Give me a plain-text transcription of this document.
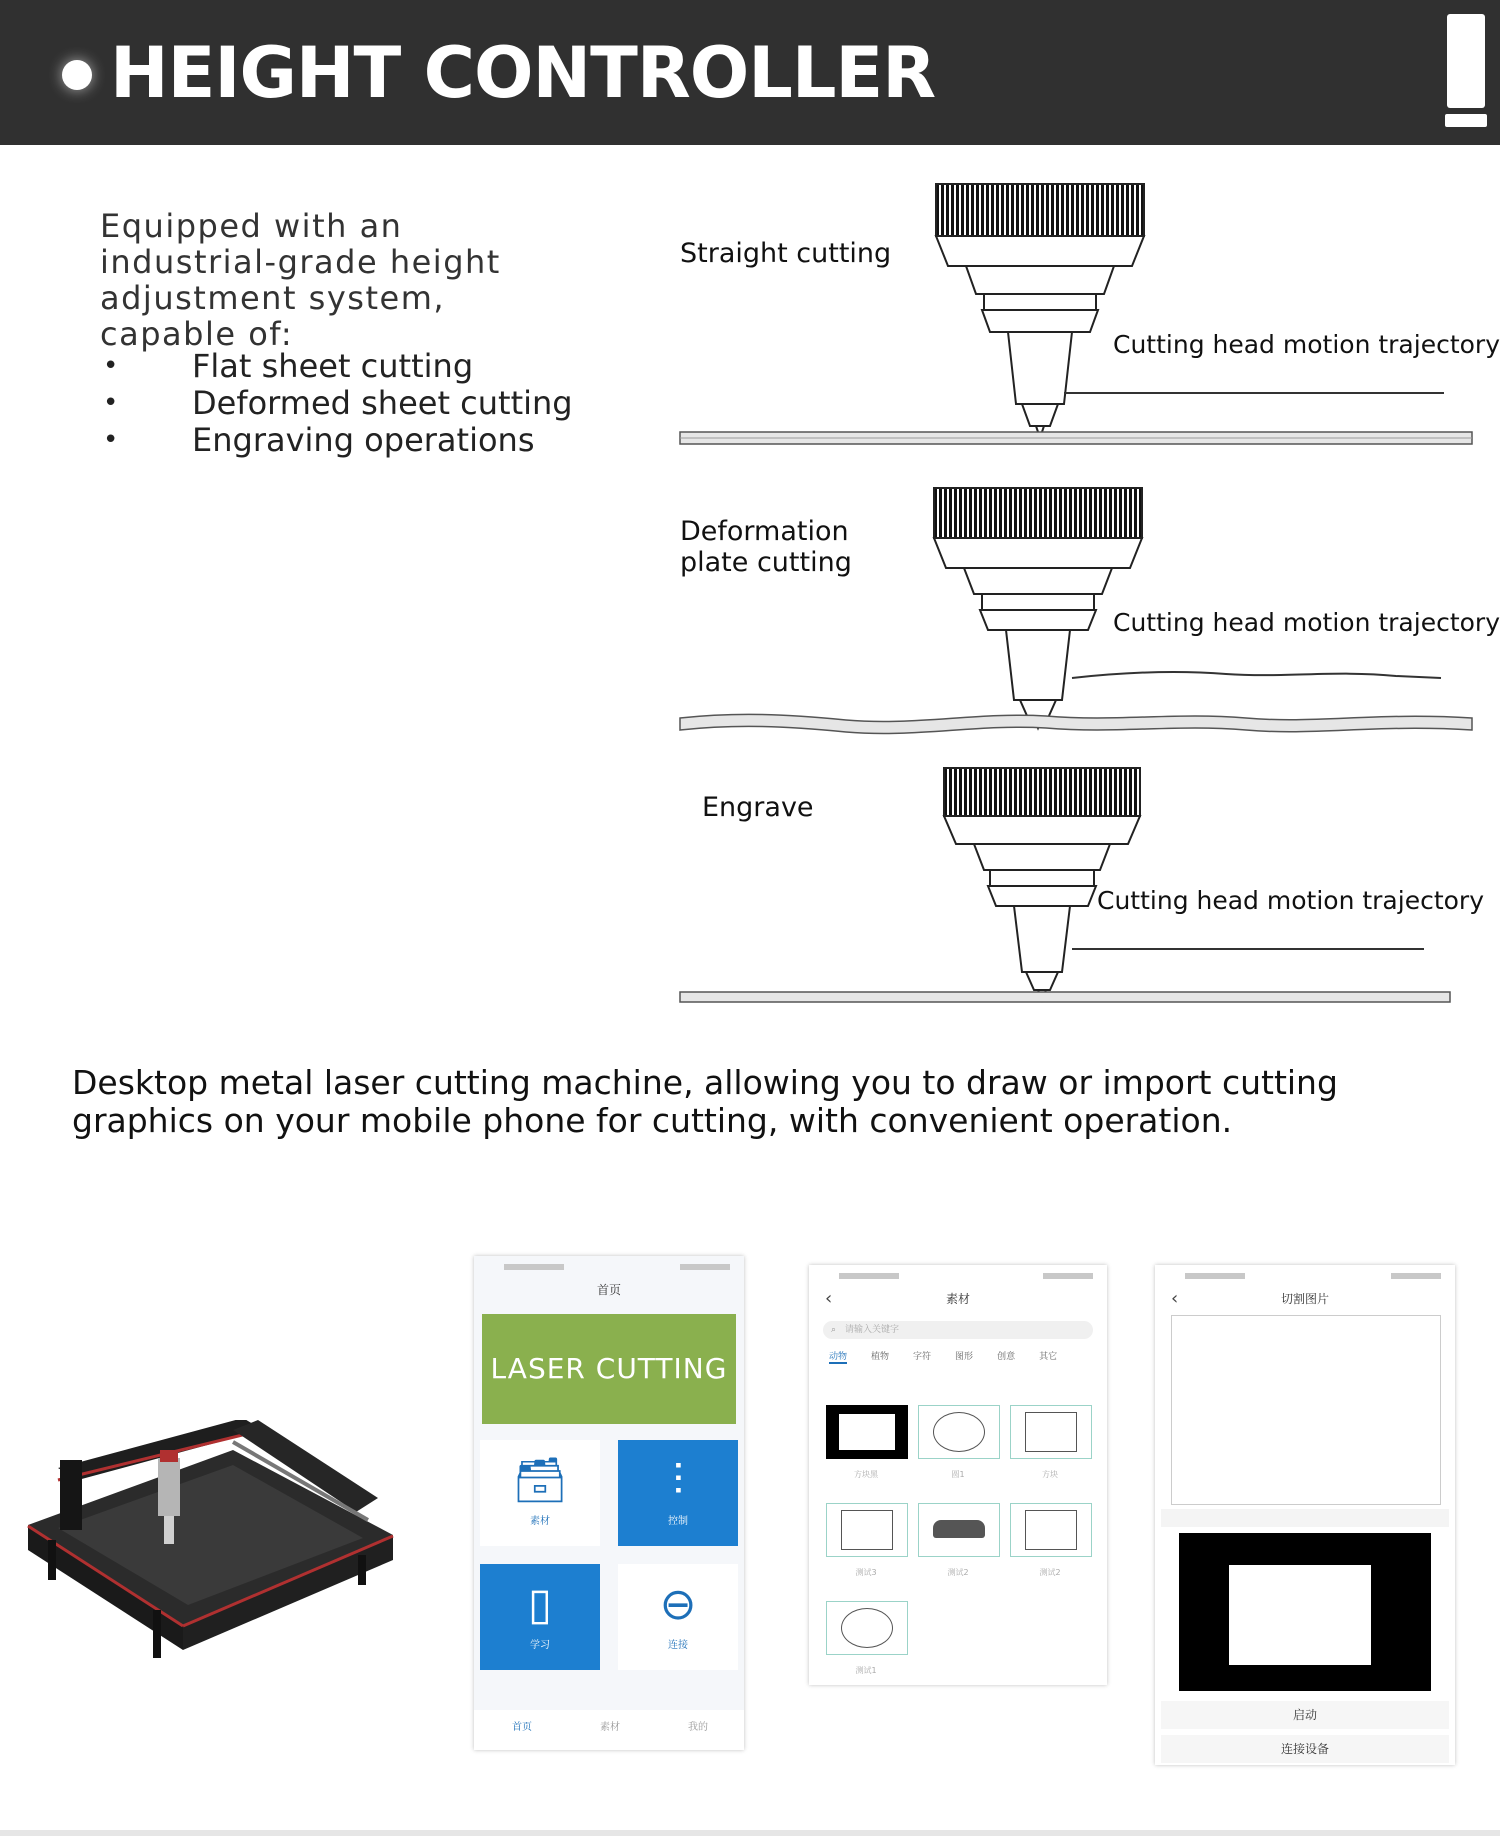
HEIGHT CONTROLLER
Equipped with an industrial-grade height adjustment system, capable of:
• Flat sheet cutting
• Deformed sheet cutting
• Engraving operations
Straight cutting
Cutting head motion trajectory
Deformation plate cutting
Cutting head motion trajectory
Engrave
Cutting head motion trajectory
Desktop metal laser cutting machine, allowing you to draw or import cutting graphics on your mobile phone for cutting, with convenient operation.
首页
LASER CUTTING
🗃
素材
⫶
控制
▯
学习
⊖
连接
首页	素材	我的
‹	素材
⌕ 请输入关键字
动物	植物	字符	图形	创意	其它
方块黑	圆1	方块
测试3	测试2	测试2
测试1
‹	切割图片
启动
连接设备
